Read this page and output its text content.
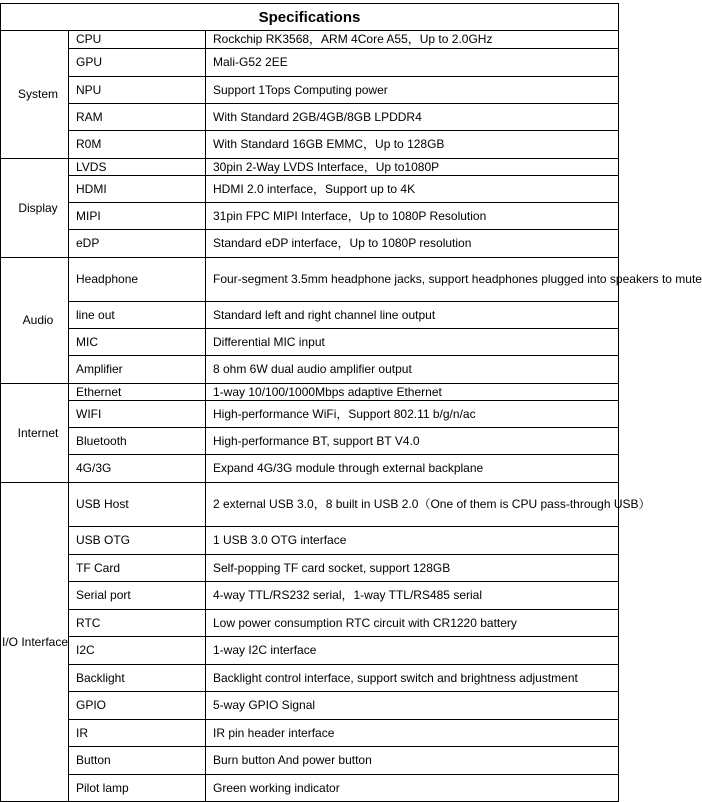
Specifications		
System	CPU	Rockchip RK3568，ARM 4Core A55，Up to 2.0GHz
	GPU	Mali-G52 2EE
	NPU	Support 1Tops Computing power
	RAM	With Standard 2GB/4GB/8GB LPDDR4
	R0M	With Standard 16GB EMMC，Up to 128GB
Display	LVDS	30pin 2-Way LVDS Interface，Up to1080P
	HDMI	HDMI 2.0 interface，Support up to 4K
	MIPI	31pin FPC MIPI Interface，Up to 1080P Resolution
	eDP	Standard eDP interface，Up to 1080P resolution
Audio	Headphone	Four-segment 3.5mm headphone jacks, support headphones plugged into speakers to mute
	line out	Standard left and right channel line output
	MIC	Differential MIC input
	Amplifier	8 ohm 6W dual audio amplifier output
Internet	Ethernet	1-way 10/100/1000Mbps adaptive Ethernet
	WIFI	High-performance WiFi，Support 802.11 b/g/n/ac
	Bluetooth	High-performance BT, support BT V4.0
	4G/3G	Expand 4G/3G module through external backplane
I/O Interface	USB Host	2 external USB 3.0，8 built in USB 2.0（One of them is CPU pass-through USB）
	USB OTG	1 USB 3.0 OTG interface
	TF Card	Self-popping TF card socket, support 128GB
	Serial port	4-way TTL/RS232 serial，1-way TTL/RS485 serial
	RTC	Low power consumption RTC circuit with CR1220 battery
	I2C	1-way I2C interface
	Backlight	Backlight control interface, support switch and brightness adjustment
	GPIO	5-way GPIO Signal
	IR	IR pin header interface
	Button	Burn button And power button
	Pilot lamp	Green working indicator
